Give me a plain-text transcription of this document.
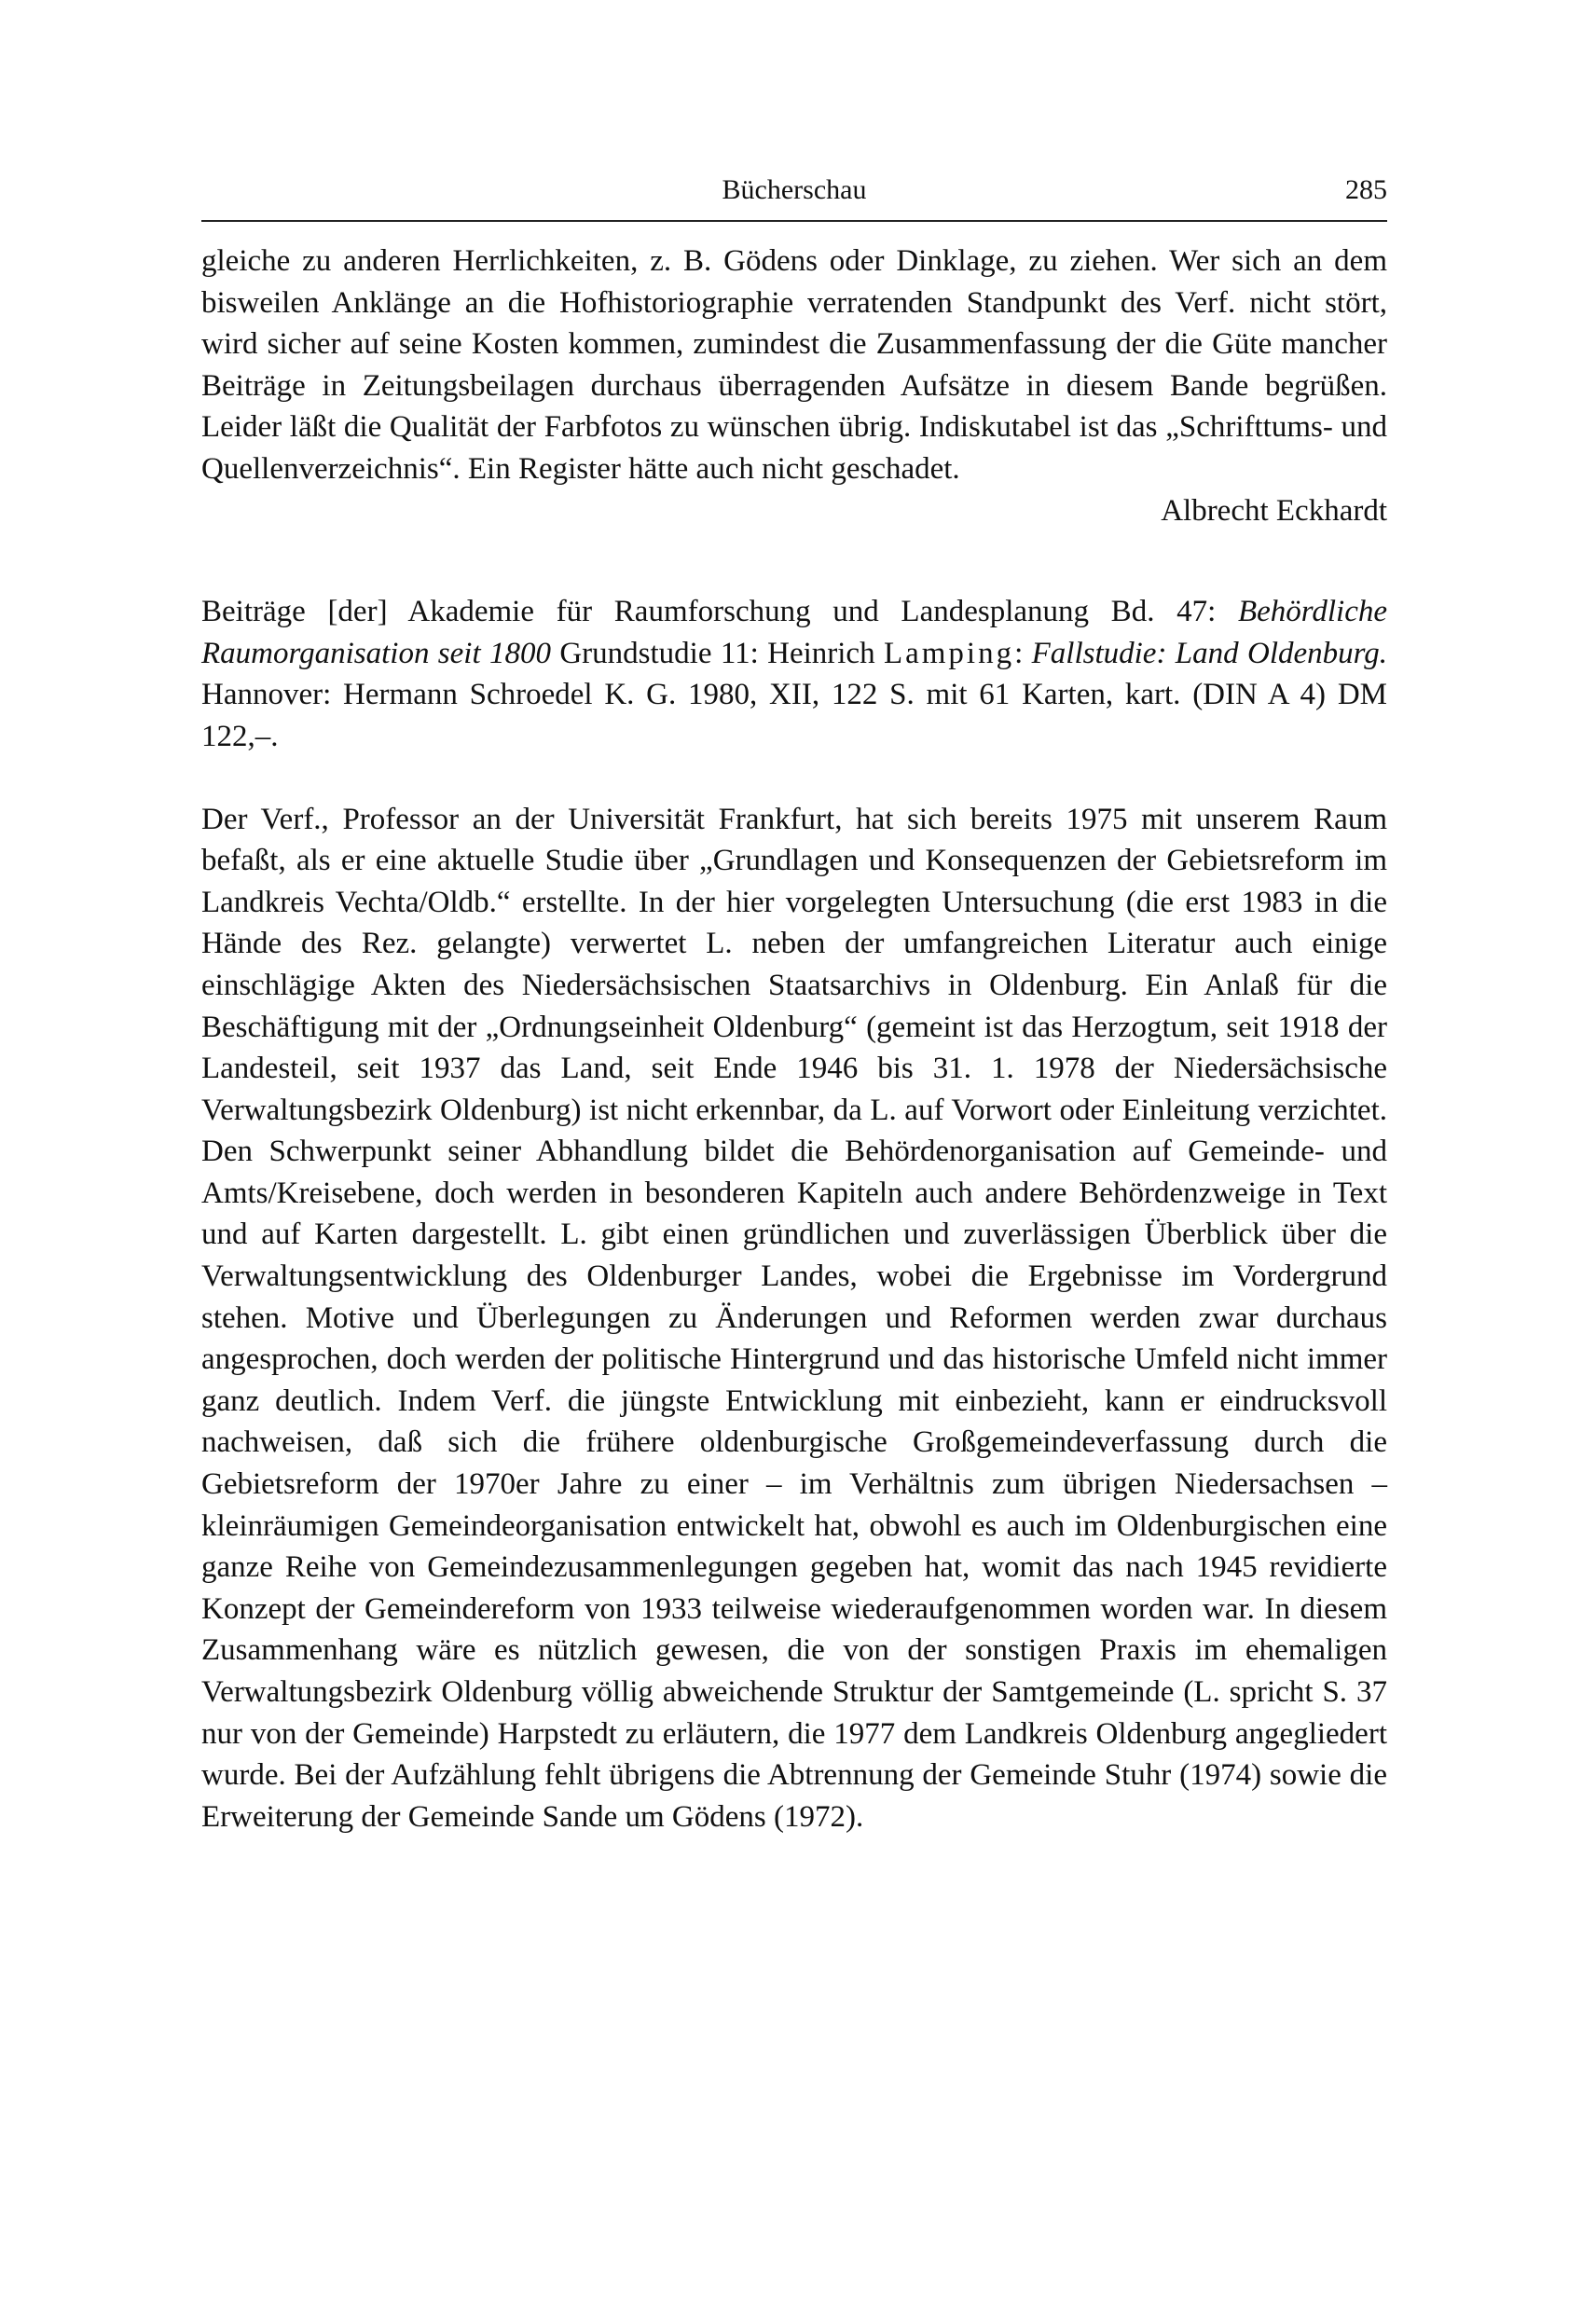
Bücherschau	285

gleiche zu anderen Herrlichkeiten, z. B. Gödens oder Dinklage, zu ziehen. Wer sich an dem bisweilen Anklänge an die Hofhistoriographie verratenden Standpunkt des Verf. nicht stört, wird sicher auf seine Kosten kommen, zumindest die Zusammenfassung der die Güte mancher Beiträge in Zeitungsbeilagen durchaus überragenden Aufsätze in diesem Bande begrüßen. Leider läßt die Qualität der Farbfotos zu wünschen übrig. Indiskutabel ist das „Schrifttums- und Quellenverzeichnis“. Ein Register hätte auch nicht geschadet.

Albrecht Eckhardt

Beiträge [der] Akademie für Raumforschung und Landesplanung Bd. 47: Behördliche Raumorganisation seit 1800 Grundstudie 11: Heinrich Lamping: Fallstudie: Land Oldenburg. Hannover: Hermann Schroedel K. G. 1980, XII, 122 S. mit 61 Karten, kart. (DIN A 4) DM 122,–.

Der Verf., Professor an der Universität Frankfurt, hat sich bereits 1975 mit unserem Raum befaßt, als er eine aktuelle Studie über „Grundlagen und Konsequenzen der Gebietsreform im Landkreis Vechta/Oldb.“ erstellte. In der hier vorgelegten Untersuchung (die erst 1983 in die Hände des Rez. gelangte) verwertet L. neben der umfangreichen Literatur auch einige einschlägige Akten des Niedersächsischen Staatsarchivs in Oldenburg. Ein Anlaß für die Beschäftigung mit der „Ordnungseinheit Oldenburg“ (gemeint ist das Herzogtum, seit 1918 der Landesteil, seit 1937 das Land, seit Ende 1946 bis 31. 1. 1978 der Niedersächsische Verwaltungsbezirk Oldenburg) ist nicht erkennbar, da L. auf Vorwort oder Einleitung verzichtet. Den Schwerpunkt seiner Abhandlung bildet die Behördenorganisation auf Gemeinde- und Amts/Kreisebene, doch werden in besonderen Kapiteln auch andere Behördenzweige in Text und auf Karten dargestellt. L. gibt einen gründlichen und zuverlässigen Überblick über die Verwaltungsentwicklung des Oldenburger Landes, wobei die Ergebnisse im Vordergrund stehen. Motive und Überlegungen zu Änderungen und Reformen werden zwar durchaus angesprochen, doch werden der politische Hintergrund und das historische Umfeld nicht immer ganz deutlich. Indem Verf. die jüngste Entwicklung mit einbezieht, kann er eindrucksvoll nachweisen, daß sich die frühere oldenburgische Großgemeindeverfassung durch die Gebietsreform der 1970er Jahre zu einer – im Verhältnis zum übrigen Niedersachsen – kleinräumigen Gemeindeorganisation entwickelt hat, obwohl es auch im Oldenburgischen eine ganze Reihe von Gemeindezusammenlegungen gegeben hat, womit das nach 1945 revidierte Konzept der Gemeindereform von 1933 teilweise wiederaufgenommen worden war. In diesem Zusammenhang wäre es nützlich gewesen, die von der sonstigen Praxis im ehemaligen Verwaltungsbezirk Oldenburg völlig abweichende Struktur der Samtgemeinde (L. spricht S. 37 nur von der Gemeinde) Harpstedt zu erläutern, die 1977 dem Landkreis Oldenburg angegliedert wurde. Bei der Aufzählung fehlt übrigens die Abtrennung der Gemeinde Stuhr (1974) sowie die Erweiterung der Gemeinde Sande um Gödens (1972).
